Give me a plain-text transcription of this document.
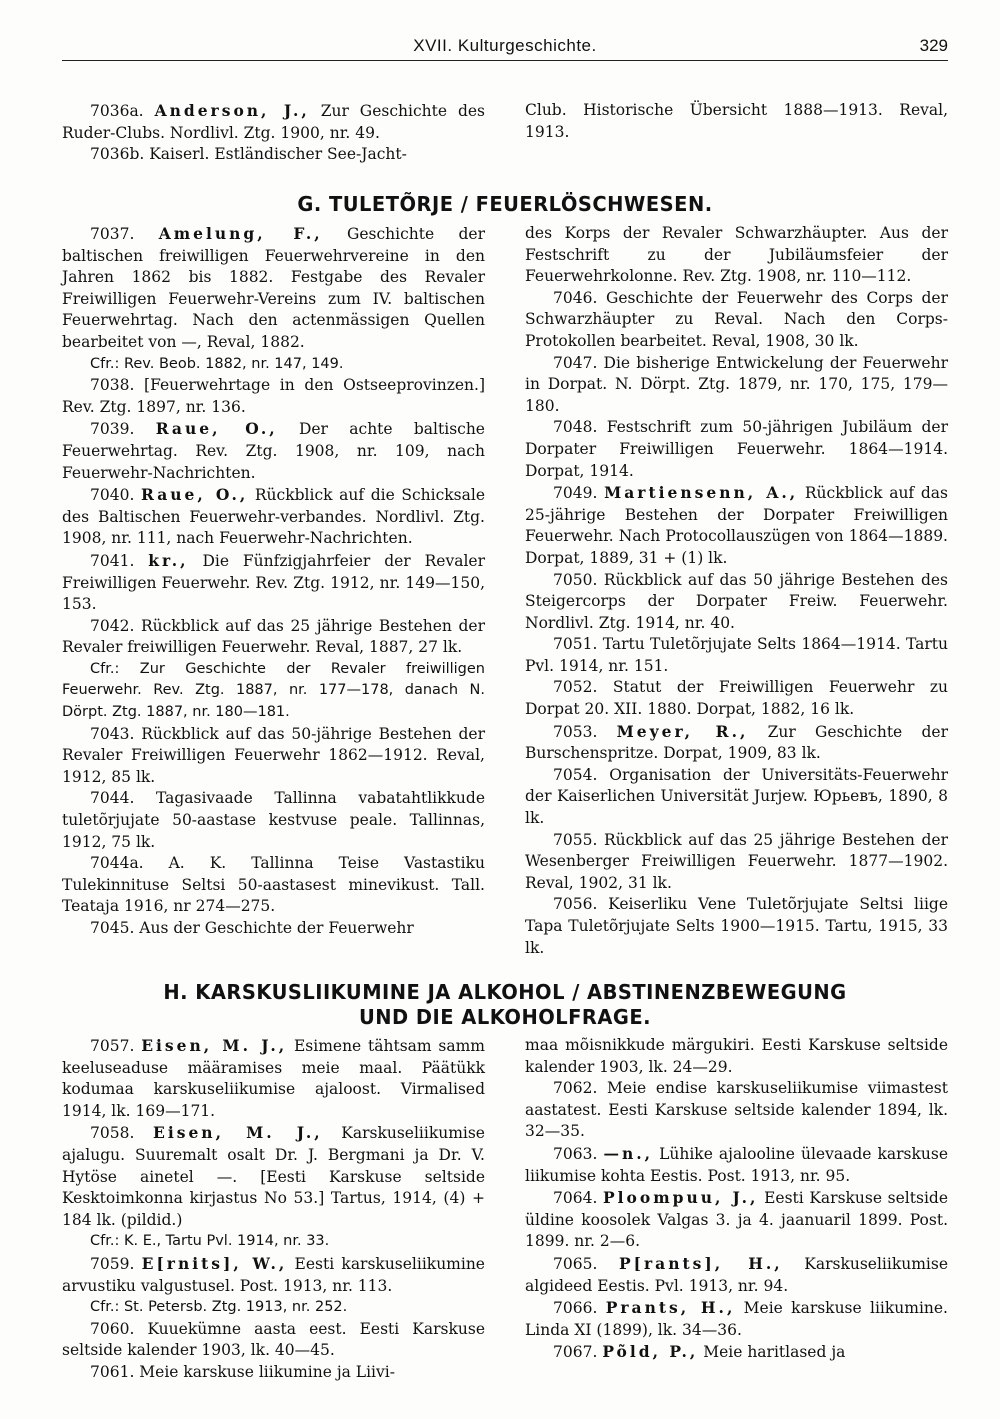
XVII. Kulturgeschichte.	329

7036a. Anderson, J., Zur Geschichte des Ruder-Clubs. Nordlivl. Ztg. 1900, nr. 49.

7036b. Kaiserl. Estländischer See-Jacht-

Club. Historische Übersicht 1888—1913. Reval, 1913.

G. TULETÕRJE / FEUERLÖSCHWESEN.

7037. Amelung, F., Geschichte der baltischen freiwilligen Feuerwehrvereine in den Jahren 1862 bis 1882. Festgabe des Revaler Freiwilligen Feuerwehr-Vereins zum IV. baltischen Feuerwehrtag. Nach den actenmässigen Quellen bearbeitet von —, Reval, 1882.

Cfr.: Rev. Beob. 1882, nr. 147, 149.

7038. [Feuerwehrtage in den Ostseeprovinzen.] Rev. Ztg. 1897, nr. 136.

7039. Raue, O., Der achte baltische Feuerwehrtag. Rev. Ztg. 1908, nr. 109, nach Feuerwehr-Nachrichten.

7040. Raue, O., Rückblick auf die Schicksale des Baltischen Feuerwehr-verbandes. Nordlivl. Ztg. 1908, nr. 111, nach Feuerwehr-Nachrichten.

7041. kr., Die Fünfzigjahrfeier der Revaler Freiwilligen Feuerwehr. Rev. Ztg. 1912, nr. 149—150, 153.

7042. Rückblick auf das 25 jährige Bestehen der Revaler freiwilligen Feuerwehr. Reval, 1887, 27 lk.

Cfr.: Zur Geschichte der Revaler freiwilligen Feuerwehr. Rev. Ztg. 1887, nr. 177—178, danach N. Dörpt. Ztg. 1887, nr. 180—181.

7043. Rückblick auf das 50-jährige Bestehen der Revaler Freiwilligen Feuerwehr 1862—1912. Reval, 1912, 85 lk.

7044. Tagasivaade Tallinna vabatahtlikkude tuletõrjujate 50-aastase kestvuse peale. Tallinnas, 1912, 75 lk.

7044a. A. K. Tallinna Teise Vastastiku Tulekinnituse Seltsi 50-aastasest minevikust. Tall. Teataja 1916, nr 274—275.

7045. Aus der Geschichte der Feuerwehr

des Korps der Revaler Schwarzhäupter. Aus der Festschrift zu der Jubiläumsfeier der Feuerwehrkolonne. Rev. Ztg. 1908, nr. 110—112.

7046. Geschichte der Feuerwehr des Corps der Schwarzhäupter zu Reval. Nach den Corps-Protokollen bearbeitet. Reval, 1908, 30 lk.

7047. Die bisherige Entwickelung der Feuerwehr in Dorpat. N. Dörpt. Ztg. 1879, nr. 170, 175, 179—180.

7048. Festschrift zum 50-jährigen Jubiläum der Dorpater Freiwilligen Feuerwehr. 1864—1914. Dorpat, 1914.

7049. Martiensenn, A., Rückblick auf das 25-jährige Bestehen der Dorpater Freiwilligen Feuerwehr. Nach Protocollauszügen von 1864—1889. Dorpat, 1889, 31 + (1) lk.

7050. Rückblick auf das 50 jährige Bestehen des Steigercorps der Dorpater Freiw. Feuerwehr. Nordlivl. Ztg. 1914, nr. 40.

7051. Tartu Tuletõrjujate Selts 1864—1914. Tartu Pvl. 1914, nr. 151.

7052. Statut der Freiwilligen Feuerwehr zu Dorpat 20. XII. 1880. Dorpat, 1882, 16 lk.

7053. Meyer, R., Zur Geschichte der Burschenspritze. Dorpat, 1909, 83 lk.

7054. Organisation der Universitäts-Feuerwehr der Kaiserlichen Universität Jurjew. Юрьевъ, 1890, 8 lk.

7055. Rückblick auf das 25 jährige Bestehen der Wesenberger Freiwilligen Feuerwehr. 1877—1902. Reval, 1902, 31 lk.

7056. Keiserliku Vene Tuletõrjujate Seltsi liige Tapa Tuletõrjujate Selts 1900—1915. Tartu, 1915, 33 lk.

H. KARSKUSLIIKUMINE JA ALKOHOL / ABSTINENZBEWEGUNG
UND DIE ALKOHOLFRAGE.

7057. Eisen, M. J., Esimene tähtsam samm keeluseaduse määramises meie maal. Päätükk kodumaa karskuseliikumise ajaloost. Virmalised 1914, lk. 169—171.

7058. Eisen, M. J., Karskuseliikumise ajalugu. Suuremalt osalt Dr. J. Bergmani ja Dr. V. Hytöse ainetel —. [Eesti Karskuse seltside Kesktoimkonna kirjastus No 53.] Tartus, 1914, (4) + 184 lk. (pildid.)

Cfr.: K. E., Tartu Pvl. 1914, nr. 33.

7059. E[rnits], W., Eesti karskuseliikumine arvustiku valgustusel. Post. 1913, nr. 113.

Cfr.: St. Petersb. Ztg. 1913, nr. 252.

7060. Kuuekümne aasta eest. Eesti Karskuse seltside kalender 1903, lk. 40—45.

7061. Meie karskuse liikumine ja Liivi-

maa mõisnikkude märgukiri. Eesti Karskuse seltside kalender 1903, lk. 24—29.

7062. Meie endise karskuseliikumise viimastest aastatest. Eesti Karskuse seltside kalender 1894, lk. 32—35.

7063. —n., Lühike ajalooline ülevaade karskuse liikumise kohta Eestis. Post. 1913, nr. 95.

7064. Ploompuu, J., Eesti Karskuse seltside üldine koosolek Valgas 3. ja 4. jaanuaril 1899. Post. 1899. nr. 2—6.

7065. P[rants], H., Karskuseliikumise algideed Eestis. Pvl. 1913, nr. 94.

7066. Prants, H., Meie karskuse liikumine. Linda XI (1899), lk. 34—36.

7067. Põld, P., Meie haritlased ja
